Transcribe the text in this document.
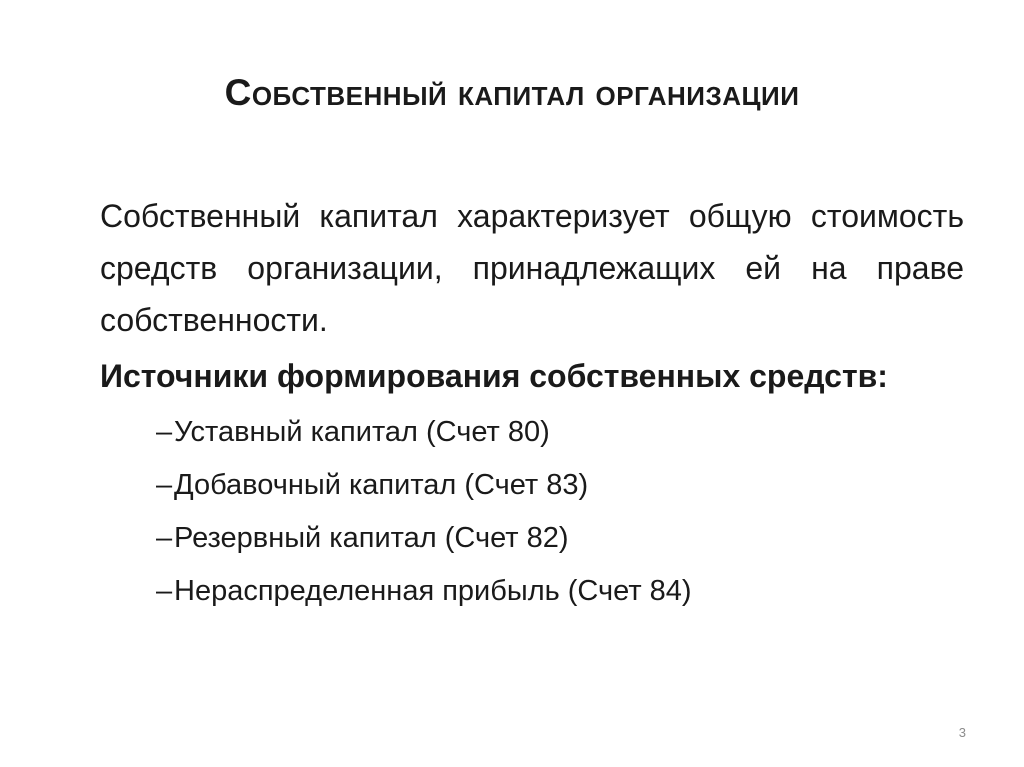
Собственный капитал организации

Собственный капитал характеризует общую стоимость средств организации, принадлежащих ей на праве собственности.

Источники формирования собственных средств:

– Уставный капитал (Счет 80)
– Добавочный капитал (Счет 83)
– Резервный капитал (Счет 82)
– Нераспределенная прибыль (Счет 84)
3
